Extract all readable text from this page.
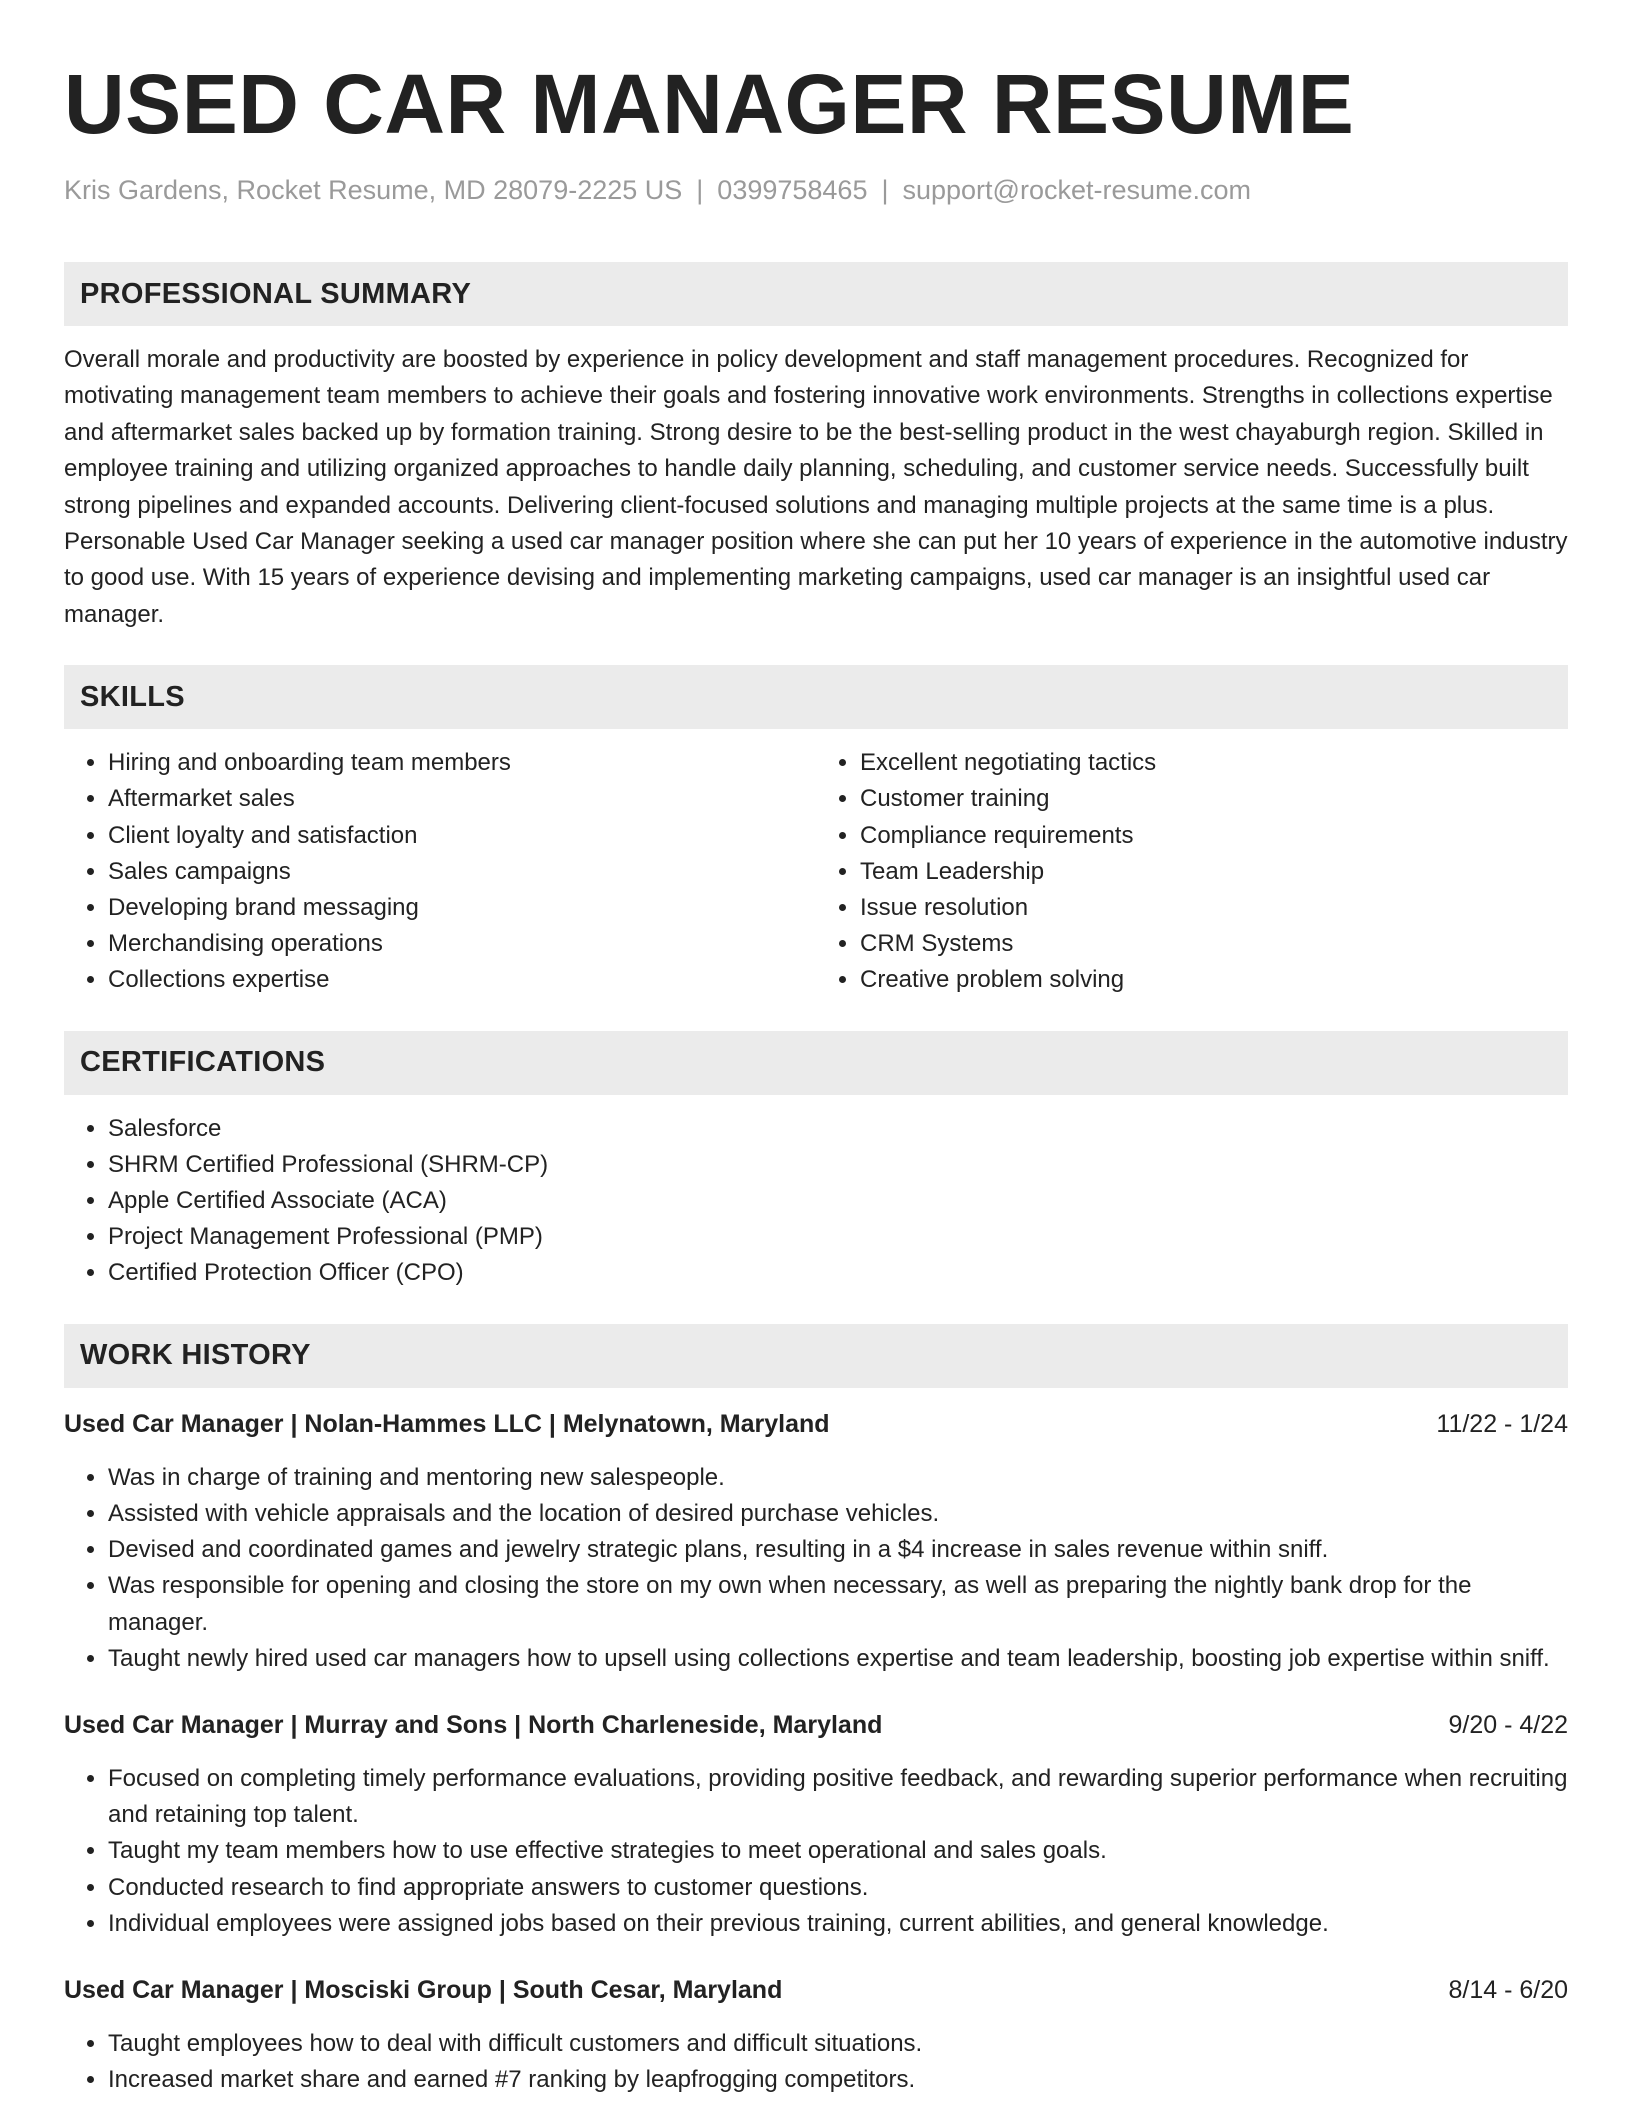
USED CAR MANAGER RESUME
Kris Gardens, Rocket Resume, MD 28079-2225 US | 0399758465 | support@rocket-resume.com
PROFESSIONAL SUMMARY

Overall morale and productivity are boosted by experience in policy development and staff management procedures. Recognized for motivating management team members to achieve their goals and fostering innovative work environments. Strengths in collections expertise and aftermarket sales backed up by formation training. Strong desire to be the best-selling product in the west chayaburgh region. Skilled in employee training and utilizing organized approaches to handle daily planning, scheduling, and customer service needs. Successfully built strong pipelines and expanded accounts. Delivering client-focused solutions and managing multiple projects at the same time is a plus. Personable Used Car Manager seeking a used car manager position where she can put her 10 years of experience in the automotive industry to good use. With 15 years of experience devising and implementing marketing campaigns, used car manager is an insightful used car manager.

SKILLS
• Hiring and onboarding team members
• Aftermarket sales
• Client loyalty and satisfaction
• Sales campaigns
• Developing brand messaging
• Merchandising operations
• Collections expertise
• Excellent negotiating tactics
• Customer training
• Compliance requirements
• Team Leadership
• Issue resolution
• CRM Systems
• Creative problem solving
CERTIFICATIONS
• Salesforce
• SHRM Certified Professional (SHRM-CP)
• Apple Certified Associate (ACA)
• Project Management Professional (PMP)
• Certified Protection Officer (CPO)
WORK HISTORY
Used Car Manager | Nolan-Hammes LLC | Melynatown, Maryland	11/22 - 1/24
• Was in charge of training and mentoring new salespeople.
• Assisted with vehicle appraisals and the location of desired purchase vehicles.
• Devised and coordinated games and jewelry strategic plans, resulting in a $4 increase in sales revenue within sniff.
• Was responsible for opening and closing the store on my own when necessary, as well as preparing the nightly bank drop for the manager.
• Taught newly hired used car managers how to upsell using collections expertise and team leadership, boosting job expertise within sniff.
Used Car Manager | Murray and Sons | North Charleneside, Maryland	9/20 - 4/22
• Focused on completing timely performance evaluations, providing positive feedback, and rewarding superior performance when recruiting and retaining top talent.
• Taught my team members how to use effective strategies to meet operational and sales goals.
• Conducted research to find appropriate answers to customer questions.
• Individual employees were assigned jobs based on their previous training, current abilities, and general knowledge.
Used Car Manager | Mosciski Group | South Cesar, Maryland	8/14 - 6/20
• Taught employees how to deal with difficult customers and difficult situations.
• Increased market share and earned #7 ranking by leapfrogging competitors.
